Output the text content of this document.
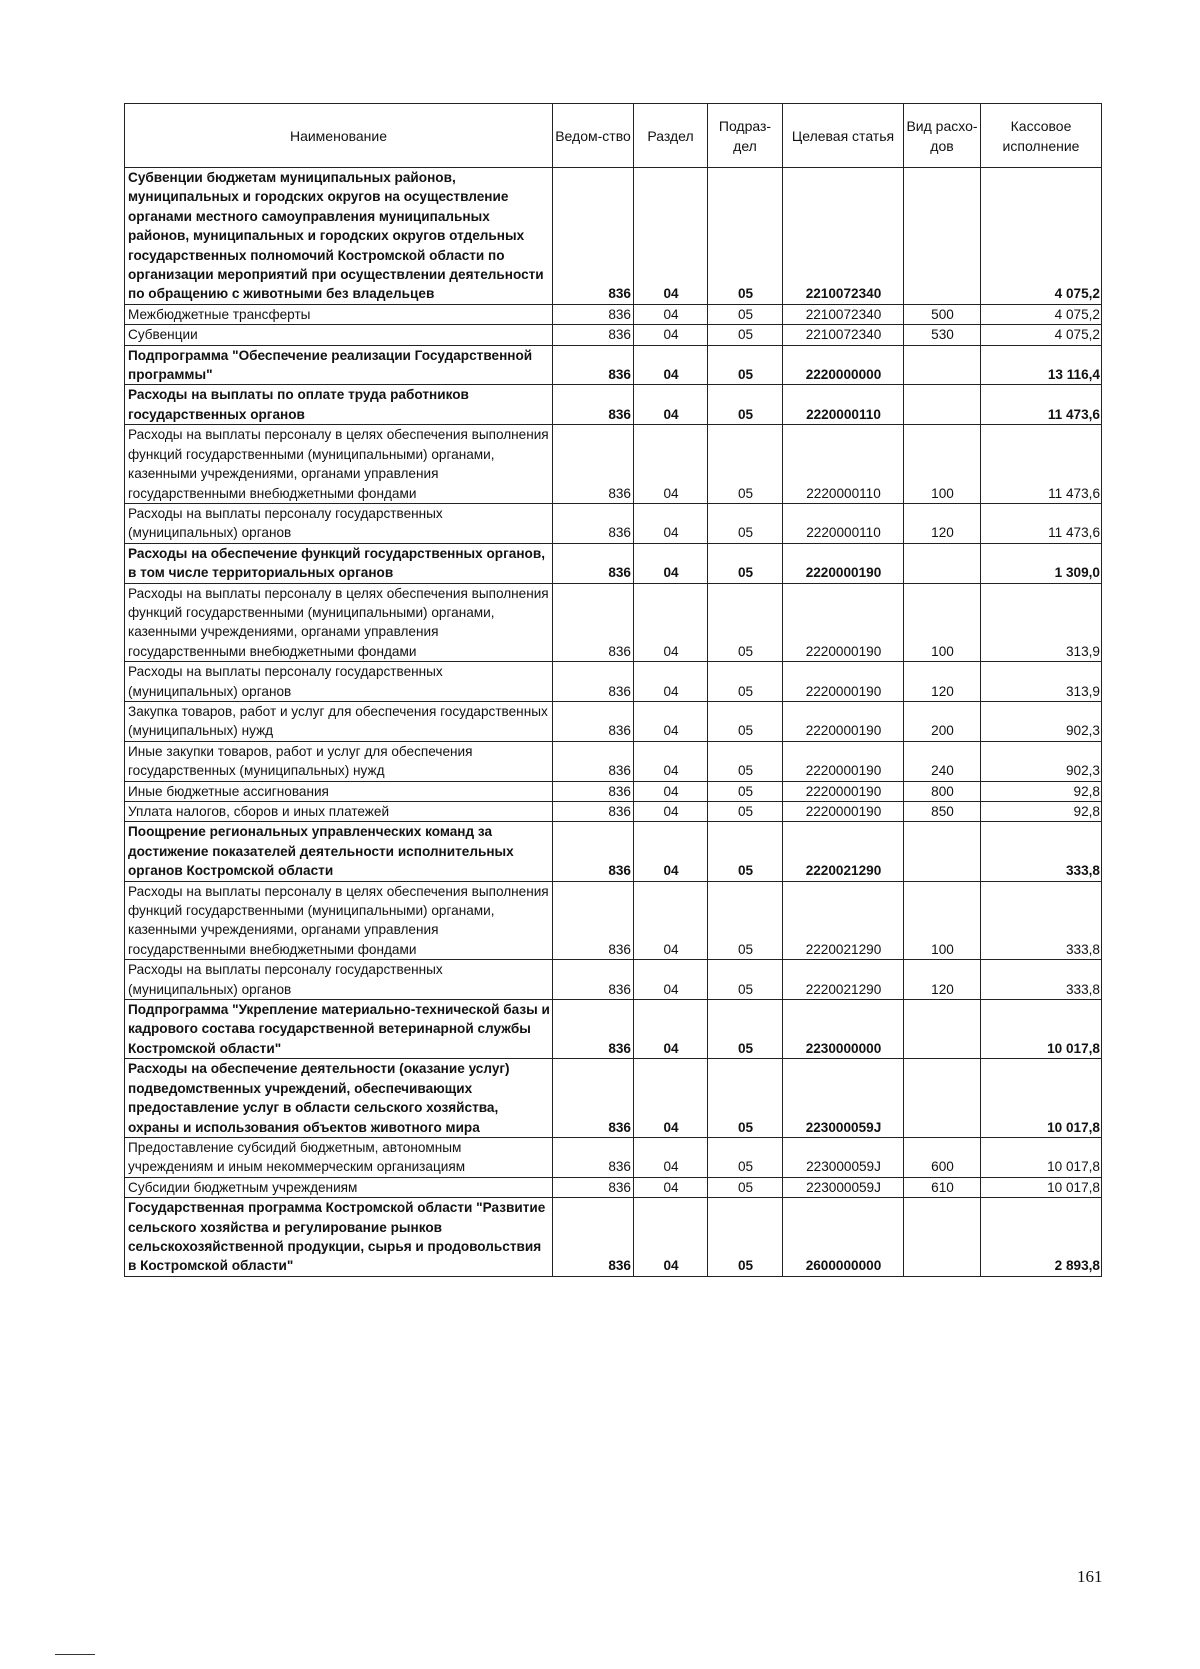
Наименование	Ведом-ство	Раздел	Подраз-дел	Целевая статья	Вид расхо-дов	Кассовое исполнение
Субвенции бюджетам муниципальных районов, муниципальных и городских округов на осуществление органами местного самоуправления муниципальных районов, муниципальных и городских округов отдельных государственных полномочий Костромской области по организации мероприятий при осуществлении деятельности по обращению с животными без владельцев	836	04	05	2210072340		4 075,2
Межбюджетные трансферты	836	04	05	2210072340	500	4 075,2
Субвенции	836	04	05	2210072340	530	4 075,2
Подпрограмма "Обеспечение реализации Государственной программы"	836	04	05	2220000000		13 116,4
Расходы на выплаты по оплате труда работников государственных органов	836	04	05	2220000110		11 473,6
Расходы на выплаты персоналу в целях обеспечения выполнения функций государственными (муниципальными) органами, казенными учреждениями, органами управления государственными внебюджетными фондами	836	04	05	2220000110	100	11 473,6
Расходы на выплаты персоналу государственных (муниципальных) органов	836	04	05	2220000110	120	11 473,6
Расходы на обеспечение функций государственных органов, в том числе территориальных органов	836	04	05	2220000190		1 309,0
Расходы на выплаты персоналу в целях обеспечения выполнения функций государственными (муниципальными) органами, казенными учреждениями, органами управления государственными внебюджетными фондами	836	04	05	2220000190	100	313,9
Расходы на выплаты персоналу государственных (муниципальных) органов	836	04	05	2220000190	120	313,9
Закупка товаров, работ и услуг для обеспечения государственных (муниципальных) нужд	836	04	05	2220000190	200	902,3
Иные закупки товаров, работ и услуг для обеспечения государственных (муниципальных) нужд	836	04	05	2220000190	240	902,3
Иные бюджетные ассигнования	836	04	05	2220000190	800	92,8
Уплата налогов, сборов и иных платежей	836	04	05	2220000190	850	92,8
Поощрение региональных управленческих команд за достижение показателей деятельности исполнительных органов Костромской области	836	04	05	2220021290		333,8
Расходы на выплаты персоналу в целях обеспечения выполнения функций государственными (муниципальными) органами, казенными учреждениями, органами управления государственными внебюджетными фондами	836	04	05	2220021290	100	333,8
Расходы на выплаты персоналу государственных (муниципальных) органов	836	04	05	2220021290	120	333,8
Подпрограмма "Укрепление материально-технической базы и кадрового состава государственной ветеринарной службы Костромской области"	836	04	05	2230000000		10 017,8
Расходы на обеспечение деятельности (оказание услуг) подведомственных учреждений, обеспечивающих предоставление услуг в области сельского хозяйства, охраны и использования объектов животного мира	836	04	05	223000059J		10 017,8
Предоставление субсидий бюджетным, автономным учреждениям и иным некоммерческим организациям	836	04	05	223000059J	600	10 017,8
Субсидии бюджетным учреждениям	836	04	05	223000059J	610	10 017,8
Государственная программа Костромской области "Развитие сельского хозяйства и регулирование рынков сельскохозяйственной продукции, сырья и продовольствия в Костромской области"	836	04	05	2600000000		2 893,8
161
